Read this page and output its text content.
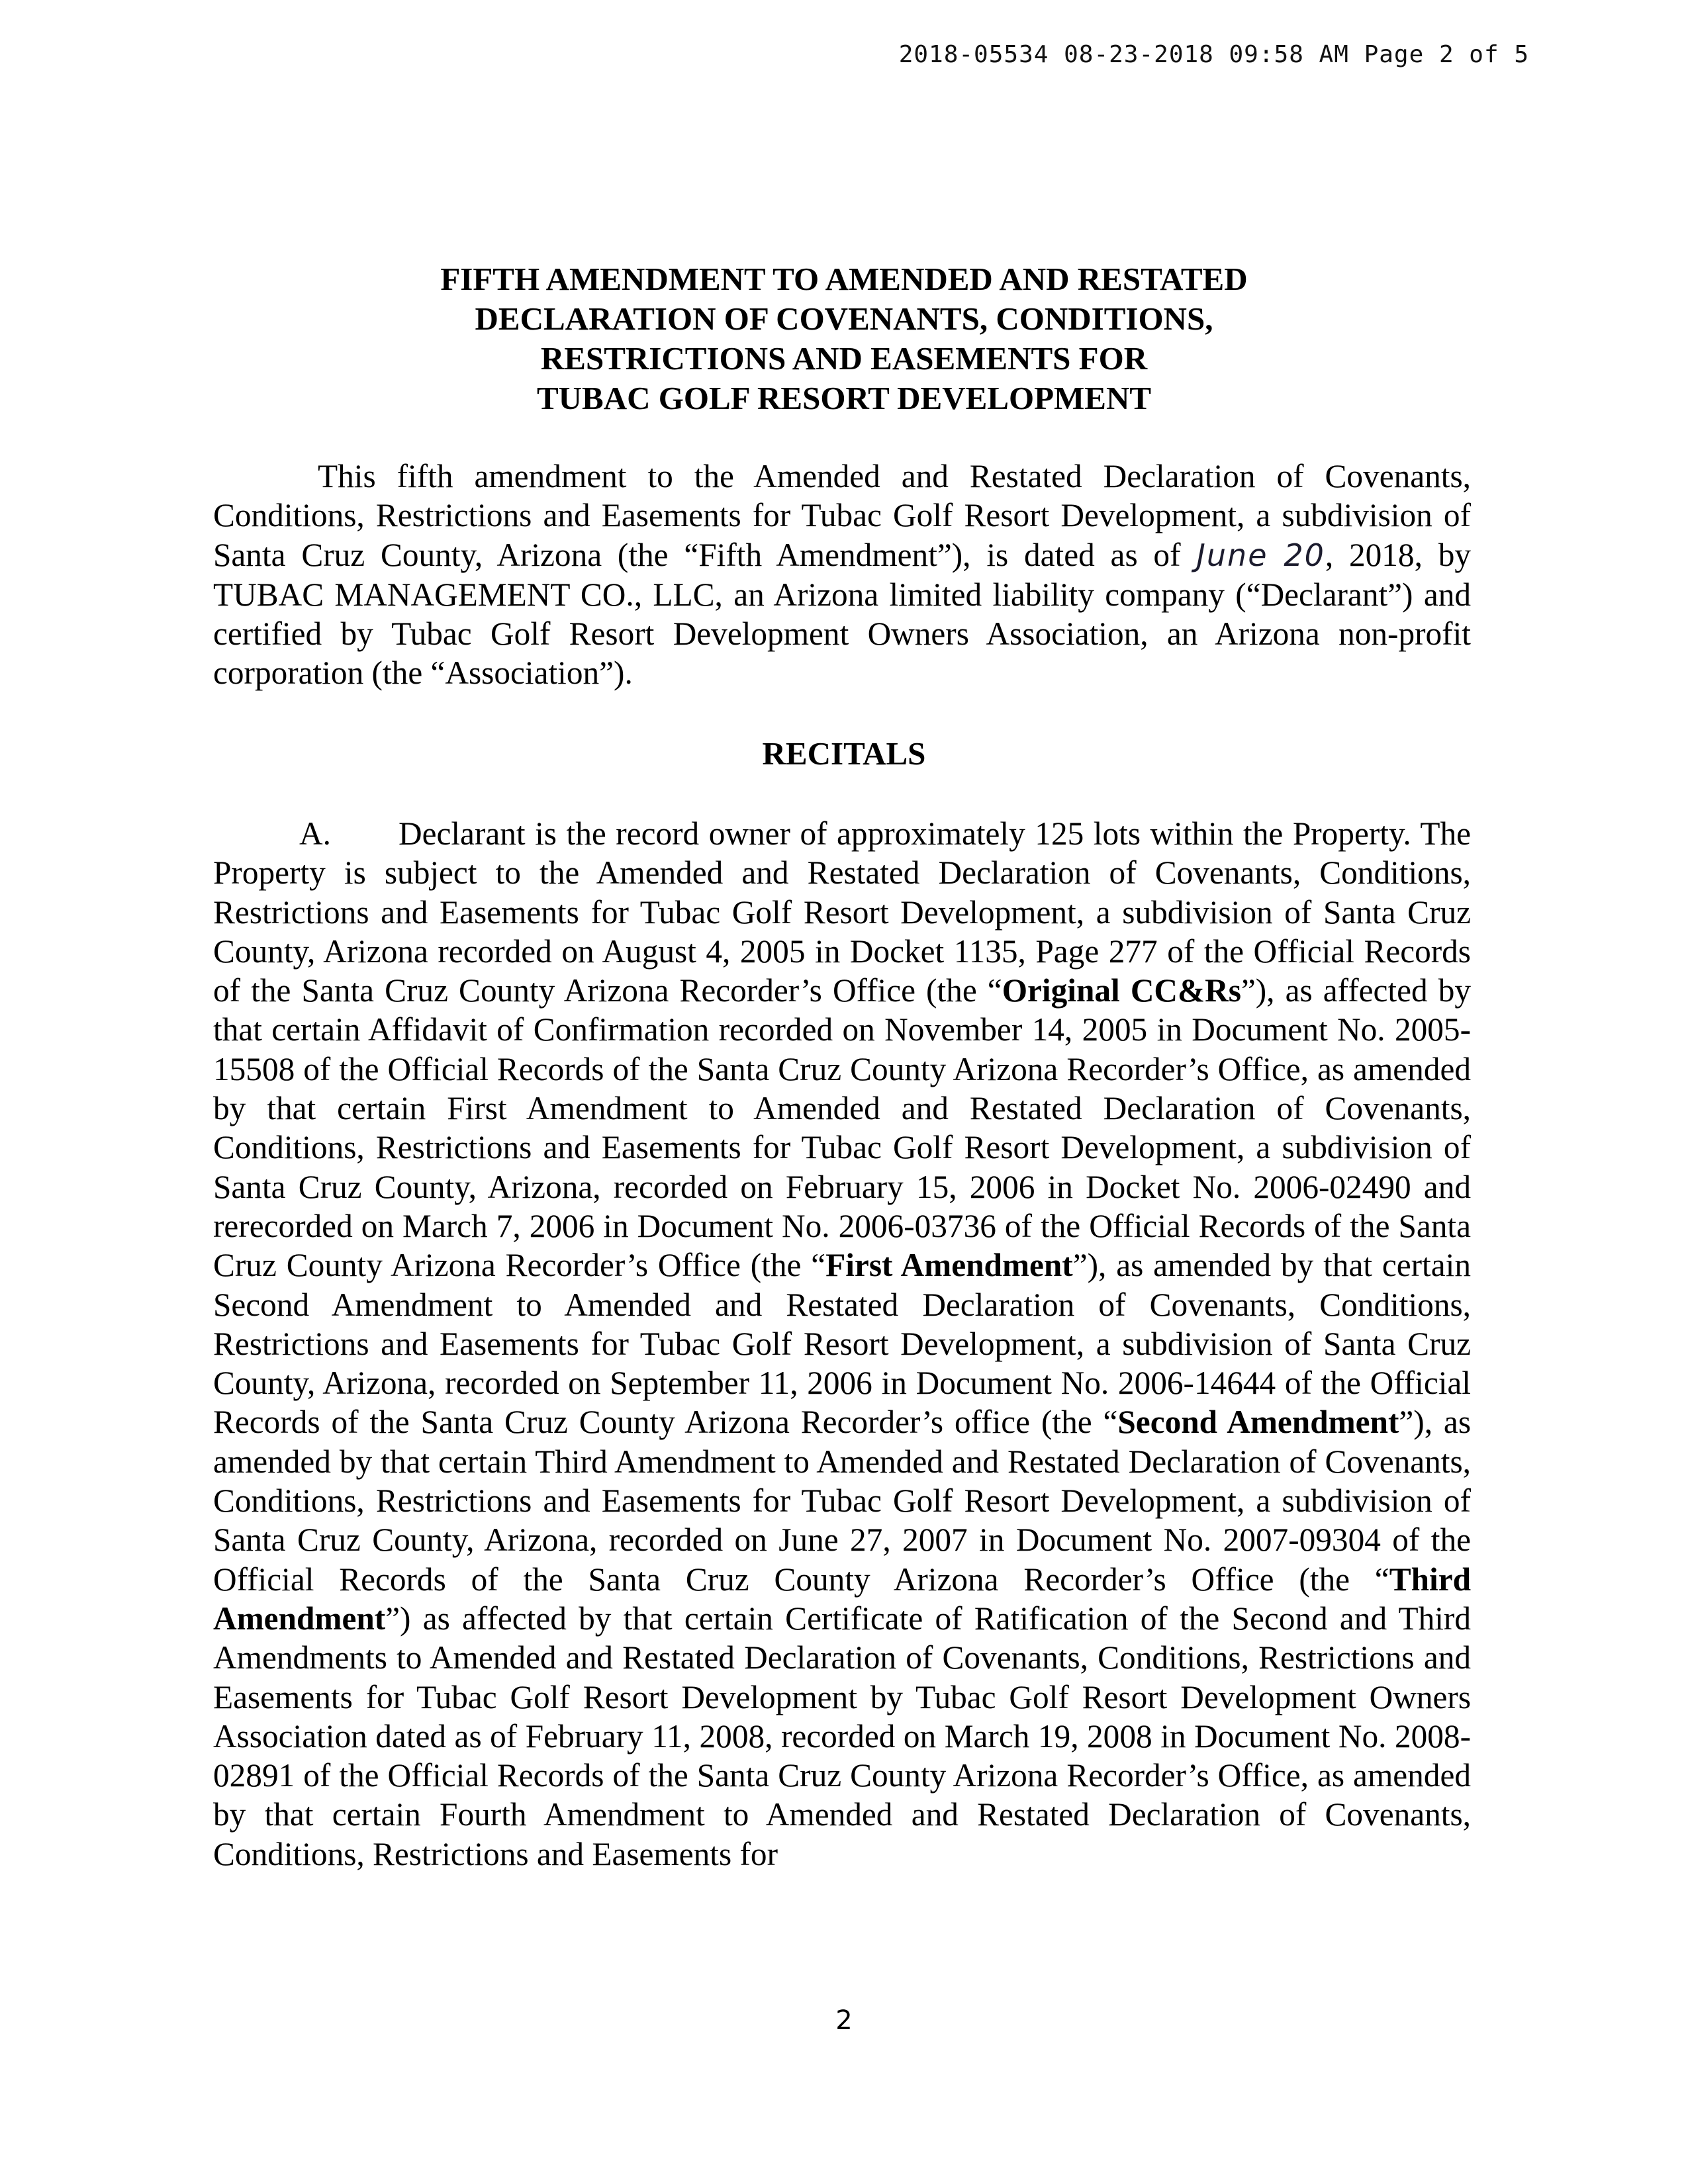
2018-05534 08-23-2018 09:58 AM Page 2 of 5
FIFTH AMENDMENT TO AMENDED AND RESTATED
DECLARATION OF COVENANTS, CONDITIONS,
RESTRICTIONS AND EASEMENTS FOR
TUBAC GOLF RESORT DEVELOPMENT
This fifth amendment to the Amended and Restated Declaration of Covenants, Conditions, Restrictions and Easements for Tubac Golf Resort Development, a subdivision of Santa Cruz County, Arizona (the “Fifth Amendment”), is dated as of June 20, 2018, by TUBAC MANAGEMENT CO., LLC, an Arizona limited liability company (“Declarant”) and certified by Tubac Golf Resort Development Owners Association, an Arizona non-profit corporation (the “Association”).
RECITALS
A. Declarant is the record owner of approximately 125 lots within the Property. The Property is subject to the Amended and Restated Declaration of Covenants, Conditions, Restrictions and Easements for Tubac Golf Resort Development, a subdivision of Santa Cruz County, Arizona recorded on August 4, 2005 in Docket 1135, Page 277 of the Official Records of the Santa Cruz County Arizona Recorder’s Office (the “Original CC&Rs”), as affected by that certain Affidavit of Confirmation recorded on November 14, 2005 in Document No. 2005-15508 of the Official Records of the Santa Cruz County Arizona Recorder’s Office, as amended by that certain First Amendment to Amended and Restated Declaration of Covenants, Conditions, Restrictions and Easements for Tubac Golf Resort Development, a subdivision of Santa Cruz County, Arizona, recorded on February 15, 2006 in Docket No. 2006-02490 and rerecorded on March 7, 2006 in Document No. 2006-03736 of the Official Records of the Santa Cruz County Arizona Recorder’s Office (the “First Amendment”), as amended by that certain Second Amendment to Amended and Restated Declaration of Covenants, Conditions, Restrictions and Easements for Tubac Golf Resort Development, a subdivision of Santa Cruz County, Arizona, recorded on September 11, 2006 in Document No. 2006-14644 of the Official Records of the Santa Cruz County Arizona Recorder’s office (the “Second Amendment”), as amended by that certain Third Amendment to Amended and Restated Declaration of Covenants, Conditions, Restrictions and Easements for Tubac Golf Resort Development, a subdivision of Santa Cruz County, Arizona, recorded on June 27, 2007 in Document No. 2007-09304 of the Official Records of the Santa Cruz County Arizona Recorder’s Office (the “Third Amendment”) as affected by that certain Certificate of Ratification of the Second and Third Amendments to Amended and Restated Declaration of Covenants, Conditions, Restrictions and Easements for Tubac Golf Resort Development by Tubac Golf Resort Development Owners Association dated as of February 11, 2008, recorded on March 19, 2008 in Document No. 2008-02891 of the Official Records of the Santa Cruz County Arizona Recorder’s Office, as amended by that certain Fourth Amendment to Amended and Restated Declaration of Covenants, Conditions, Restrictions and Easements for
2
